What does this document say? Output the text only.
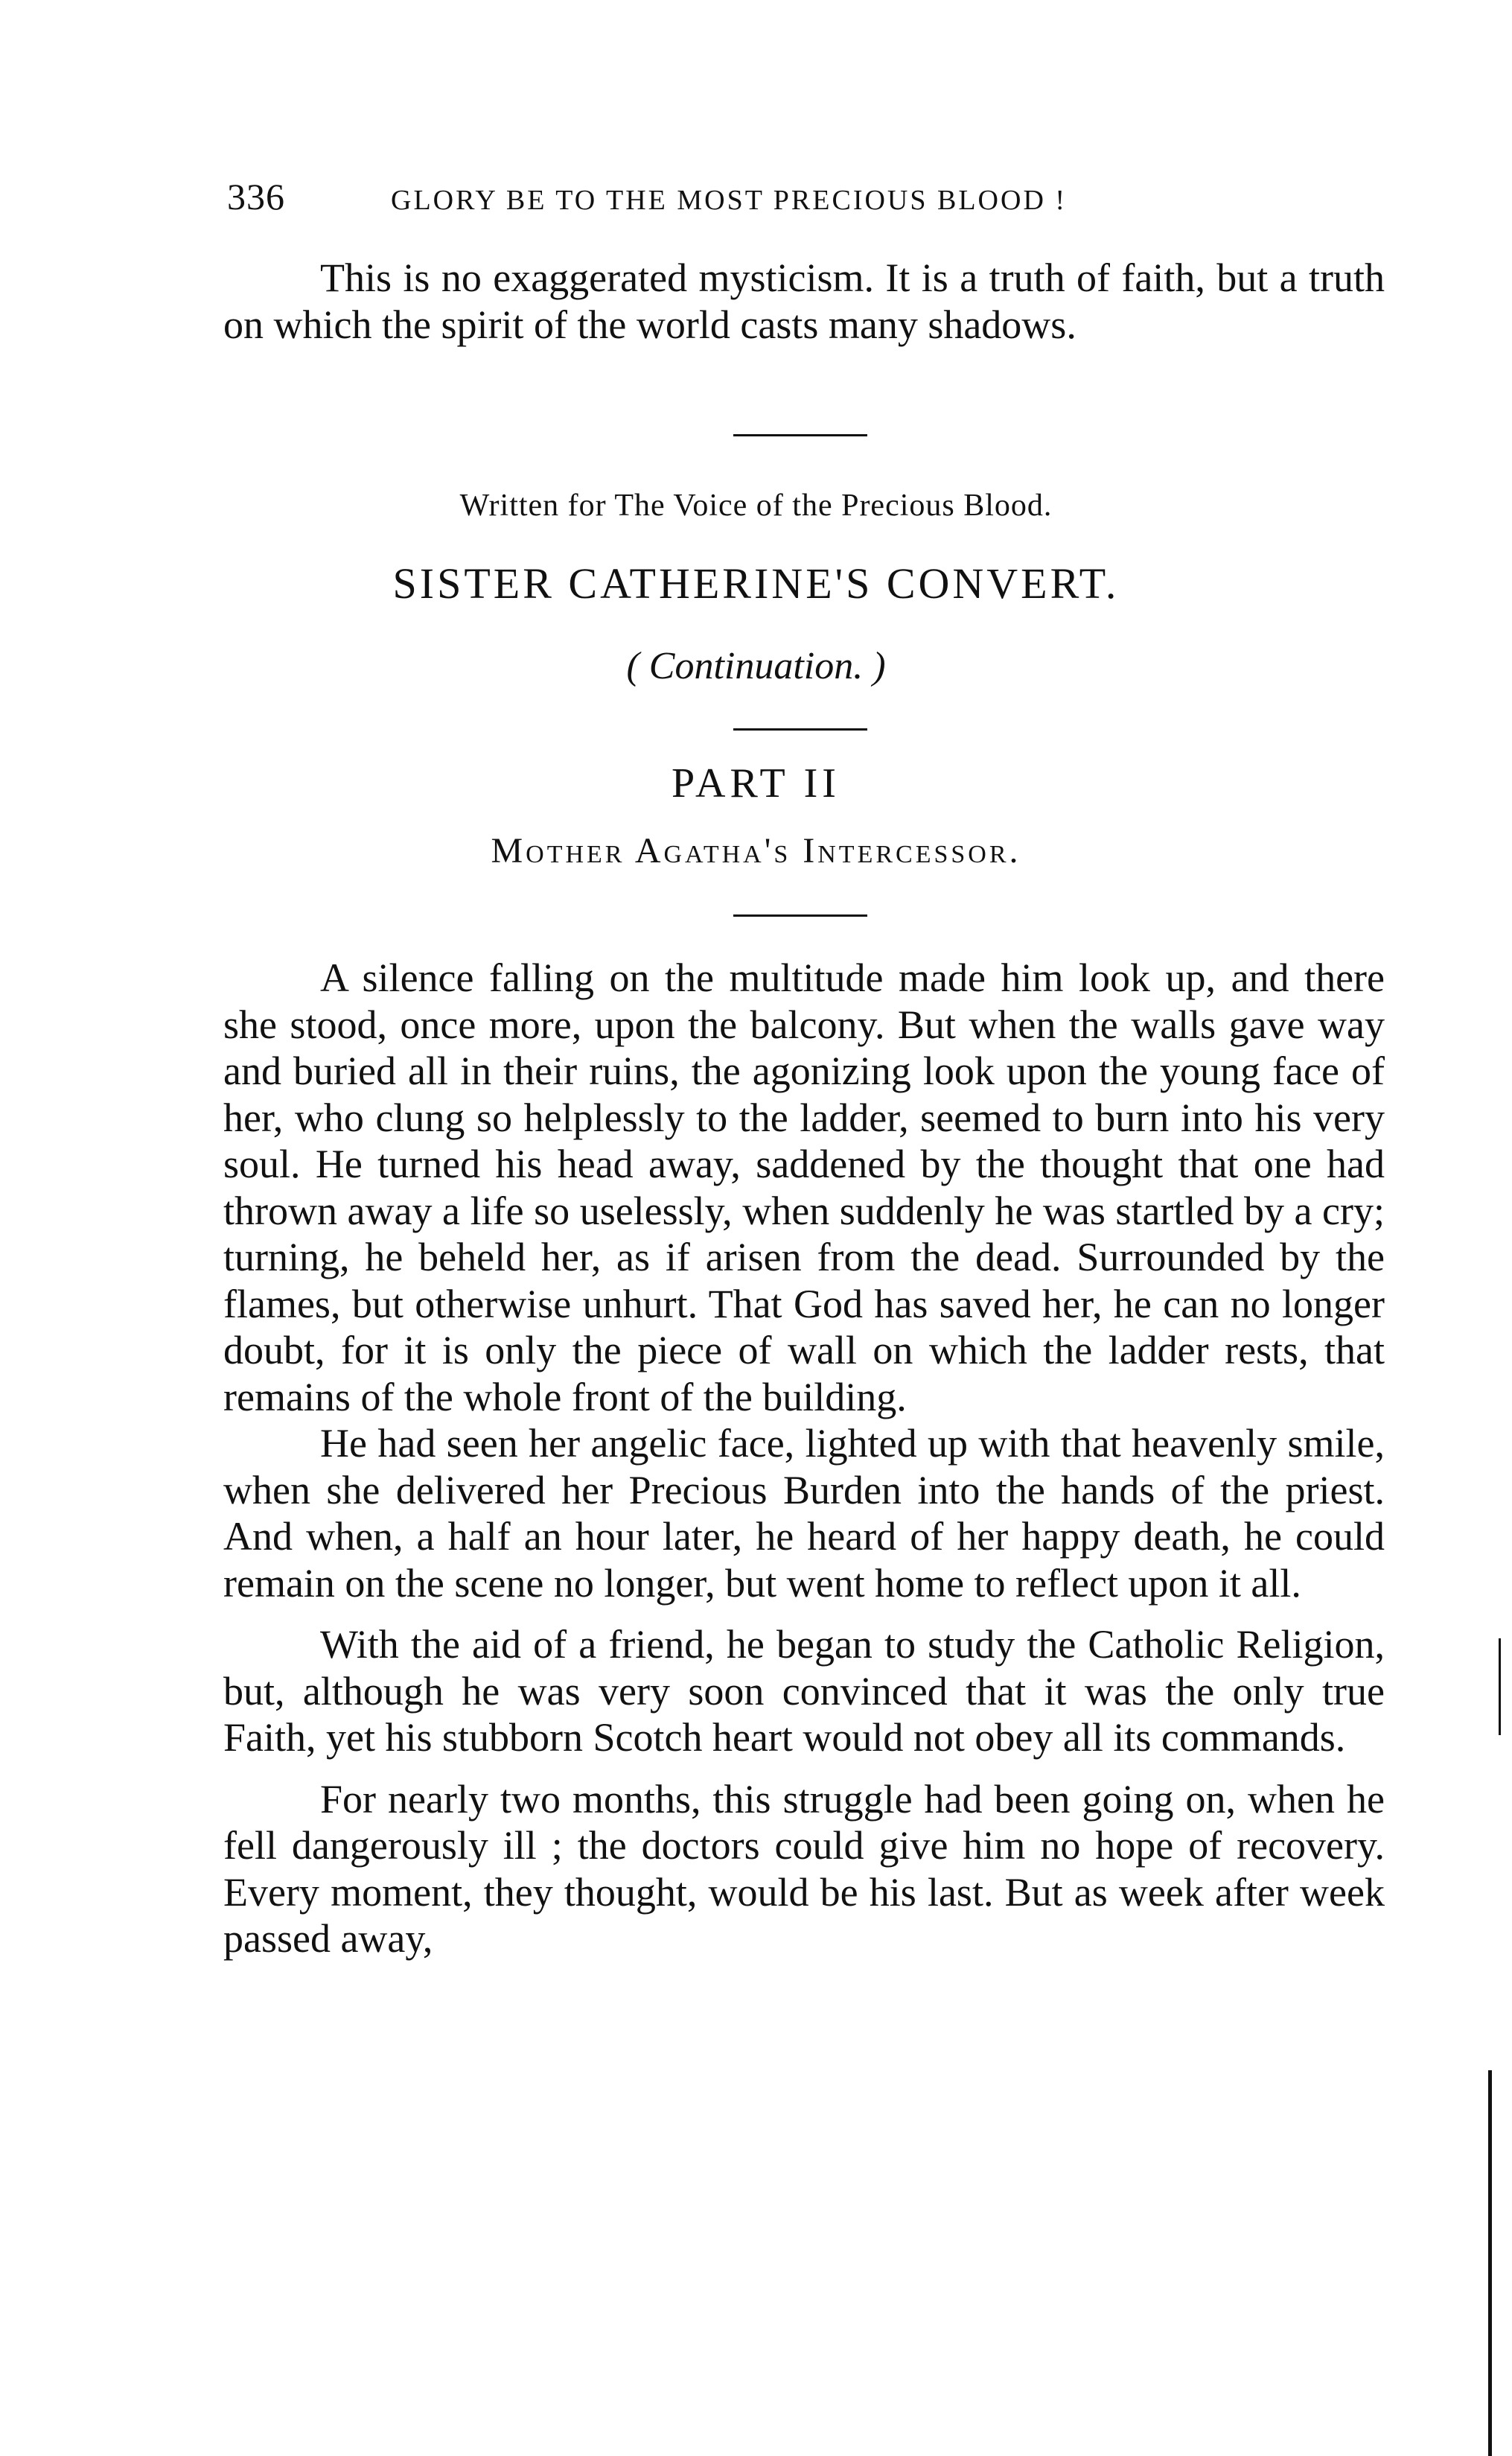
336	GLORY BE TO THE MOST PRECIOUS BLOOD !

This is no exaggerated mysticism. It is a truth of faith, but a truth on which the spirit of the world casts many shadows.

Written for The Voice of the Precious Blood.
SISTER CATHERINE'S CONVERT.
( Continuation. )
PART II
Mother Agatha's Intercessor.

A silence falling on the multitude made him look up, and there she stood, once more, upon the balcony. But when the walls gave way and buried all in their ruins, the agonizing look upon the young face of her, who clung so helplessly to the ladder, seemed to burn into his very soul. He turned his head away, saddened by the thought that one had thrown away a life so uselessly, when suddenly he was startled by a cry; turning, he beheld her, as if arisen from the dead. Surrounded by the flames, but otherwise unhurt. That God has saved her, he can no longer doubt, for it is only the piece of wall on which the ladder rests, that remains of the whole front of the building.

He had seen her angelic face, lighted up with that heavenly smile, when she delivered her Precious Burden into the hands of the priest. And when, a half an hour later, he heard of her happy death, he could remain on the scene no longer, but went home to reflect upon it all.

With the aid of a friend, he began to study the Catholic Religion, but, although he was very soon convinced that it was the only true Faith, yet his stubborn Scotch heart would not obey all its commands.

For nearly two months, this struggle had been going on, when he fell dangerously ill ; the doctors could give him no hope of recovery. Every moment, they thought, would be his last. But as week after week passed away,
